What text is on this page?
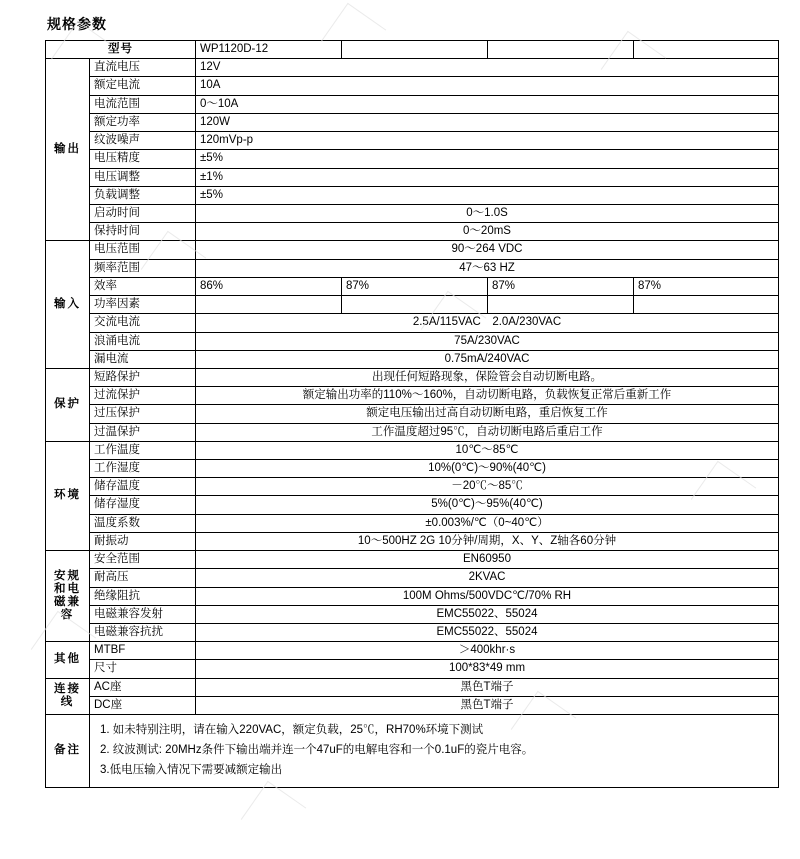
规格参数
型号		WP1120D-12			
输出	直流电压	12V			
	额定电流	10A			
	电流范围	0～10A			
	额定功率	120W			
	纹波噪声	120mVp-p			
	电压精度	±5%			
	电压调整	±1%			
	负载调整	±5%			
	启动时间	0～1.0S			
	保持时间	0～20mS			
输入	电压范围	90～264 VDC			
	频率范围	47～63 HZ			
	效率	86%	87%	87%	87%
	功率因素				
	交流电流	2.5A/115VAC　2.0A/230VAC			
	浪涌电流	75A/230VAC			
	漏电流	0.75mA/240VAC			
保护	短路保护	出现任何短路现象，保险管会自动切断电路。			
	过流保护	额定输出功率的110%～160%，自动切断电路，负载恢复正常后重新工作			
	过压保护	额定电压输出过高自动切断电路，重启恢复工作			
	过温保护	工作温度超过95℃，自动切断电路后重启工作			
环境	工作温度	10℃～85℃			
	工作湿度	10%(0℃)～90%(40℃)			
	储存温度	－20℃～85℃			
	储存湿度	5%(0℃)～95%(40℃)			
	温度系数	±0.003%/℃（0~40℃）			
	耐振动	10～500HZ 2G 10分钟/周期，X、Y、Z轴各60分钟			
安规和电磁兼容	安全范围	EN60950			
	耐高压	2KVAC			
	绝缘阻抗	100M Ohms/500VDC℃/70% RH			
	电磁兼容发射	EMC55022、55024			
	电磁兼容抗扰	EMC55022、55024			
其他	MTBF	＞400khr·s			
	尺寸	100*83*49 mm			
连接线	AC座	黑色T端子			
	DC座	黑色T端子			
备注	
1. 如未特别注明，请在输入220VAC，额定负载，25℃，RH70%环境下测试
2. 纹波测试: 20MHz条件下输出端并连一个47uF的电解电容和一个0.1uF的瓷片电容。
3.低电压输入情况下需要减额定输出
